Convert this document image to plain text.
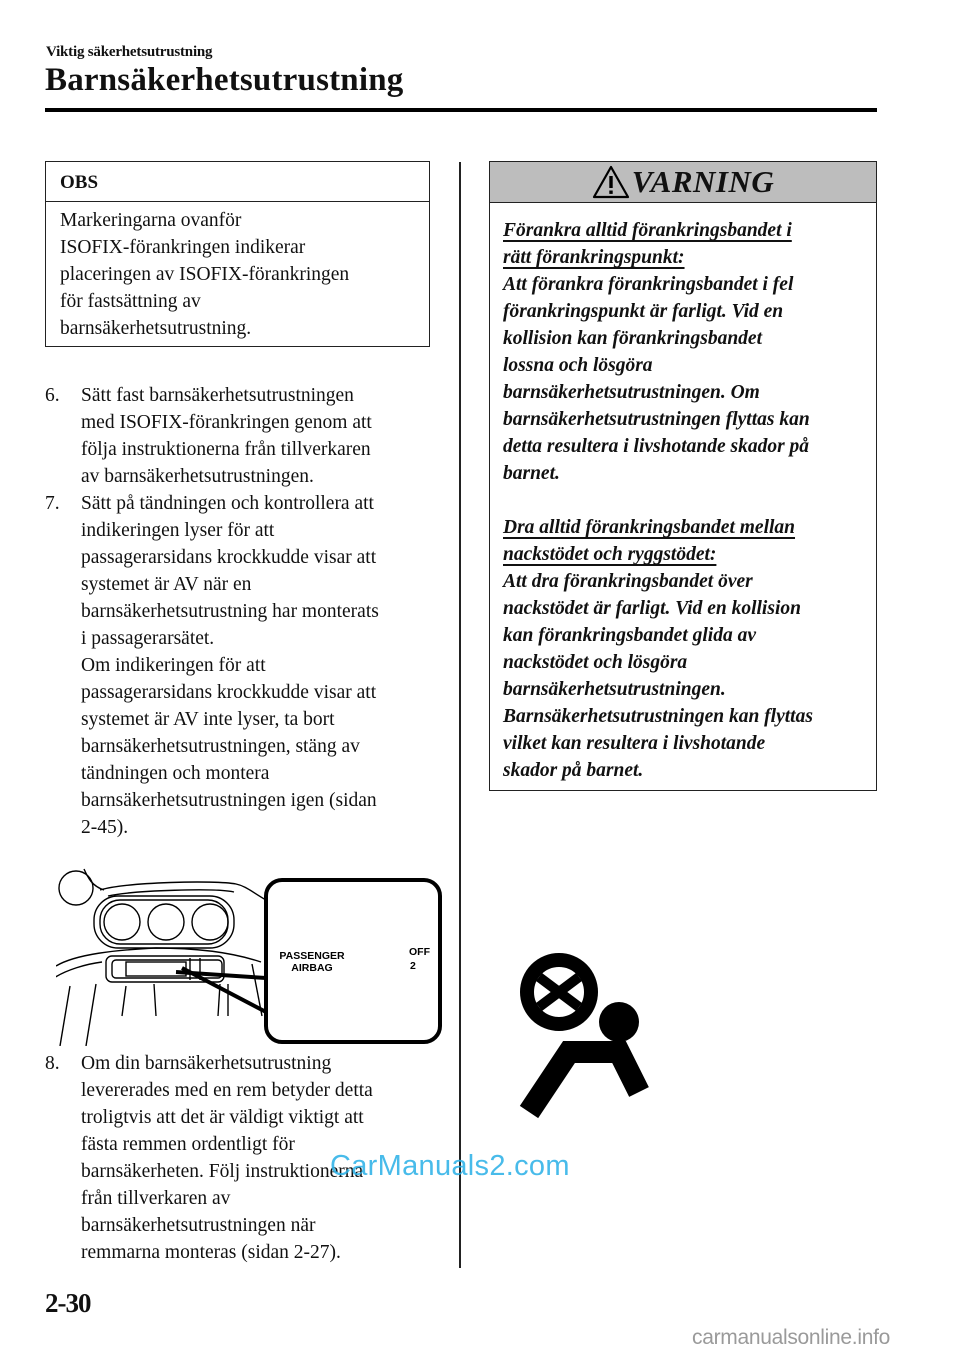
Viktig säkerhetsutrustning
Barnsäkerhetsutrustning
OBS
Markeringarna ovanför
ISOFIX-förankringen indikerar
placeringen av ISOFIX-förankringen
för fastsättning av
barnsäkerhetsutrustning.
6.	Sätt fast barnsäkerhetsutrustningen
med ISOFIX-förankringen genom att
följa instruktionerna från tillverkaren
av barnsäkerhetsutrustningen.
7.	Sätt på tändningen och kontrollera att
indikeringen lyser för att
passagerarsidans krockkudde visar att
systemet är AV när en
barnsäkerhetsutrustning har monterats
i passagerarsätet.
Om indikeringen för att
passagerarsidans krockkudde visar att
systemet är AV inte lyser, ta bort
barnsäkerhetsutrustningen, stäng av
tändningen och montera
barnsäkerhetsutrustningen igen (sidan
2-45).
PASSENGER
AIRBAG
OFF
2
8.	Om din barnsäkerhetsutrustning
levererades med en rem betyder detta
troligtvis att det är väldigt viktigt att
fästa remmen ordentligt för
barnsäkerheten. Följ instruktionerna
från tillverkaren av
barnsäkerhetsutrustningen när
remmarna monteras (sidan 2-27).
VARNING
Förankra alltid förankringsbandet i
rätt förankringspunkt:
Att förankra förankringsbandet i fel
förankringspunkt är farligt. Vid en
kollision kan förankringsbandet
lossna och lösgöra
barnsäkerhetsutrustningen. Om
barnsäkerhetsutrustningen flyttas kan
detta resultera i livshotande skador på
barnet.
Dra alltid förankringsbandet mellan
nackstödet och ryggstödet:
Att dra förankringsbandet över
nackstödet är farligt. Vid en kollision
kan förankringsbandet glida av
nackstödet och lösgöra
barnsäkerhetsutrustningen.
Barnsäkerhetsutrustningen kan flyttas
vilket kan resultera i livshotande
skador på barnet.
2-30
CarManuals2.com
carmanualsonline.info
